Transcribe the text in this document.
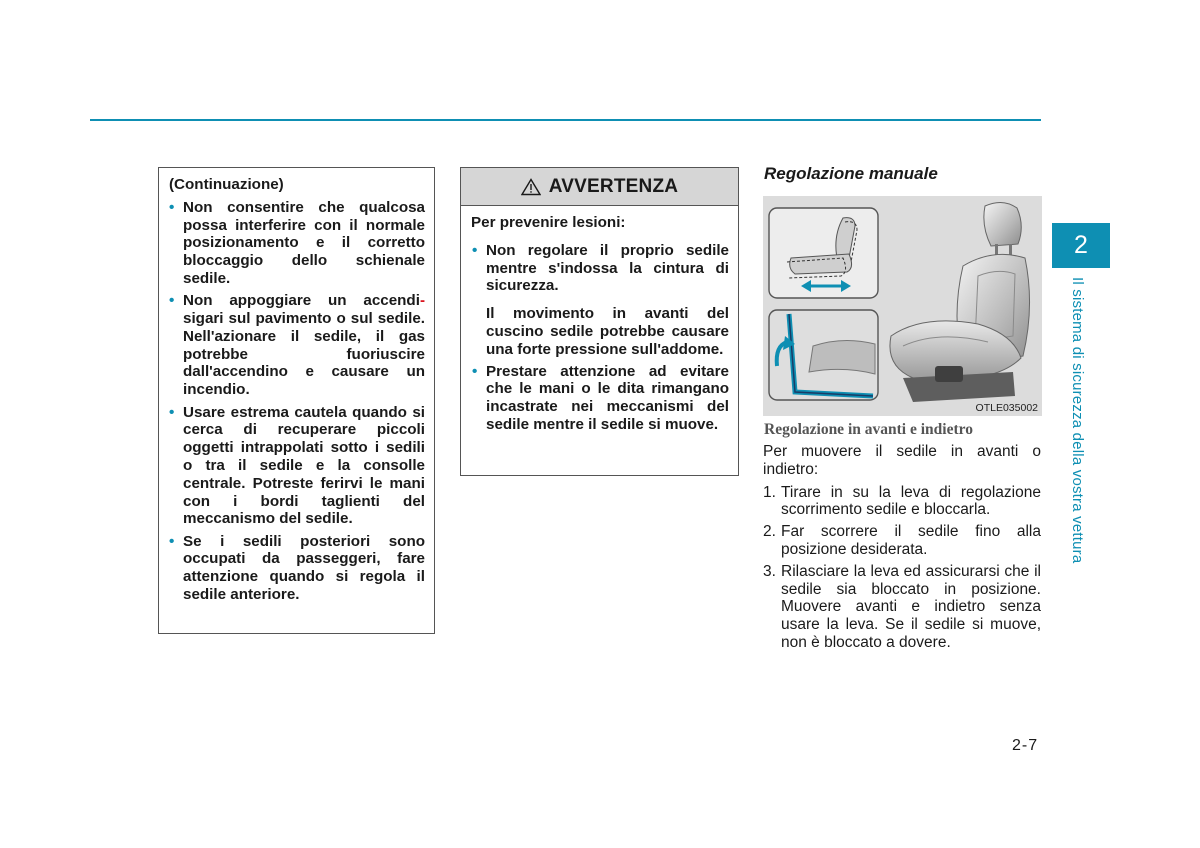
(Continuazione)
• Non consentire che qualcosa possa interferire con il normale posizionamento e il corretto bloccaggio dello schienale sedile.
• Non appoggiare un accendi- sigari sul pavimento o sul sedile. Nell'azionare il sedile, il gas potrebbe fuoriuscire dall'accendino e causare un incendio.
• Usare estrema cautela quando si cerca di recuperare piccoli oggetti intrappolati sotto i sedili o tra il sedile e la consolle centrale. Potreste ferirvi le mani con i bordi taglienti del meccanismo del sedile.
• Se i sedili posteriori sono occupati da passeggeri, fare attenzione quando si regola il sedile anteriore.
AVVERTENZA
Per prevenire lesioni:
• Non regolare il proprio sedile mentre s'indossa la cintura di sicurezza.

Il movimento in avanti del cuscino sedile potrebbe causare una forte pressione sull'addome.

• Prestare attenzione ad evitare che le mani o le dita rimangano incastrate nei meccanismi del sedile mentre il sedile si muove.
Regolazione manuale
OTLE035002
Regolazione in avanti e indietro

Per muovere il sedile in avanti o indietro:

1. Tirare in su la leva di regolazione scorrimento sedile e bloccarla.
2. Far scorrere il sedile fino alla posizione desiderata.
3. Rilasciare la leva ed assicurarsi che il sedile sia bloccato in posizione. Muovere avanti e indietro senza usare la leva. Se il sedile si muove, non è bloccato a dovere.
2
Il sistema di sicurezza della vostra vettura
2-7
